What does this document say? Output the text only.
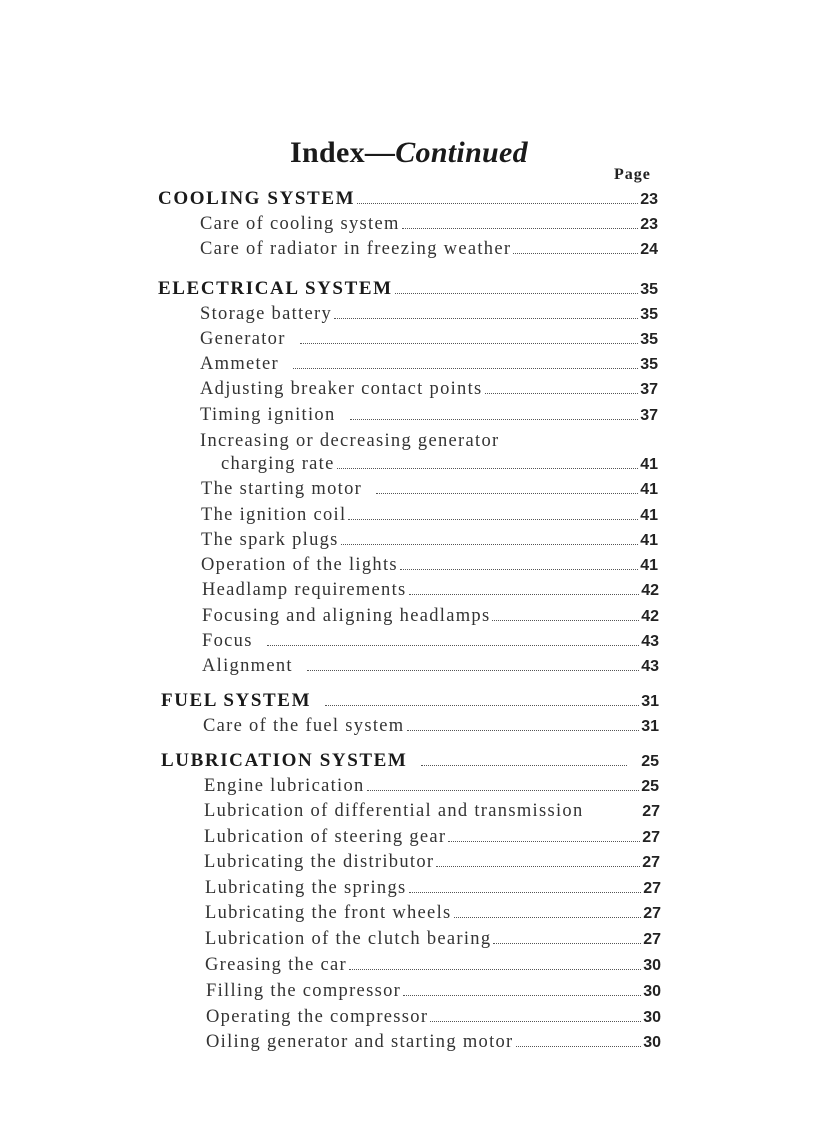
Index—Continued
Page
COOLING SYSTEM	23
Care of cooling system	23
Care of radiator in freezing weather	24
ELECTRICAL SYSTEM	35
Storage battery	35
Generator	35
Ammeter	35
Adjusting breaker contact points	37
Timing ignition	37
Increasing or decreasing generator
charging rate	41
The starting motor	41
The ignition coil	41
The spark plugs	41
Operation of the lights	41
Headlamp requirements	42
Focusing and aligning headlamps	42
Focus	43
Alignment	43
FUEL SYSTEM	31
Care of the fuel system	31
LUBRICATION SYSTEM	25
Engine lubrication	25
Lubrication of differential and transmission	27
Lubrication of steering gear	27
Lubricating the distributor	27
Lubricating the springs	27
Lubricating the front wheels	27
Lubrication of the clutch bearing	27
Greasing the car	30
Filling the compressor	30
Operating the compressor	30
Oiling generator and starting motor	30
